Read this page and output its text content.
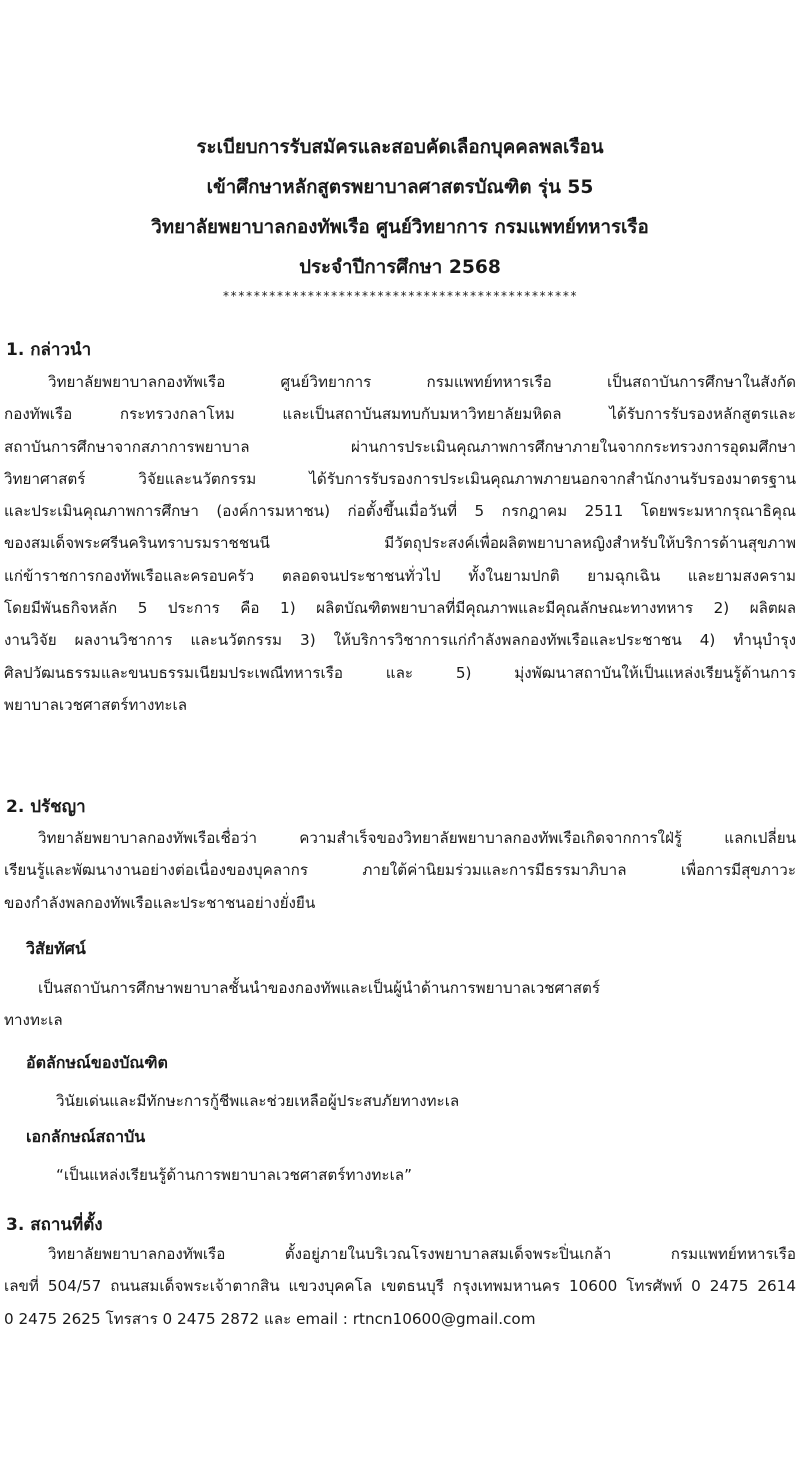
ระเบียบการรับสมัครและสอบคัดเลือกบุคคลพลเรือน

เข้าศึกษาหลักสูตรพยาบาลศาสตรบัณฑิต รุ่น 55

วิทยาลัยพยาบาลกองทัพเรือ ศูนย์วิทยาการ กรมแพทย์ทหารเรือ

ประจำปีการศึกษา 2568

**********************************************

1. กล่าวนำ

วิทยาลัยพยาบาลกองทัพเรือ ศูนย์วิทยาการ กรมแพทย์ทหารเรือ เป็นสถาบันการศึกษาในสังกัด
กองทัพเรือ กระทรวงกลาโหม และเป็นสถาบันสมทบกับมหาวิทยาลัยมหิดล ได้รับการรับรองหลักสูตรและ
สถาบันการศึกษาจากสภาการพยาบาล ผ่านการประเมินคุณภาพการศึกษาภายในจากกระทรวงการอุดมศึกษา
วิทยาศาสตร์ วิจัยและนวัตกรรม ได้รับการรับรองการประเมินคุณภาพภายนอกจากสำนักงานรับรองมาตรฐาน
และประเมินคุณภาพการศึกษา (องค์การมหาชน) ก่อตั้งขึ้นเมื่อวันที่ 5 กรกฎาคม 2511 โดยพระมหากรุณาธิคุณ
ของสมเด็จพระศรีนครินทราบรมราชชนนี มีวัตถุประสงค์เพื่อผลิตพยาบาลหญิงสำหรับให้บริการด้านสุขภาพ
แก่ข้าราชการกองทัพเรือและครอบครัว ตลอดจนประชาชนทั่วไป ทั้งในยามปกติ ยามฉุกเฉิน และยามสงคราม
โดยมีพันธกิจหลัก 5 ประการ คือ 1) ผลิตบัณฑิตพยาบาลที่มีคุณภาพและมีคุณลักษณะทางทหาร 2) ผลิตผล
งานวิจัย ผลงานวิชาการ และนวัตกรรม 3) ให้บริการวิชาการแก่กำลังพลกองทัพเรือและประชาชน 4) ทำนุบำรุง
ศิลปวัฒนธรรมและขนบธรรมเนียมประเพณีทหารเรือ และ 5) มุ่งพัฒนาสถาบันให้เป็นแหล่งเรียนรู้ด้านการ
พยาบาลเวชศาสตร์ทางทะเล

2. ปรัชญา

วิทยาลัยพยาบาลกองทัพเรือเชื่อว่า ความสำเร็จของวิทยาลัยพยาบาลกองทัพเรือเกิดจากการใฝ่รู้ แลกเปลี่ยน
เรียนรู้และพัฒนางานอย่างต่อเนื่องของบุคลากร ภายใต้ค่านิยมร่วมและการมีธรรมาภิบาล เพื่อการมีสุขภาวะ
ของกำลังพลกองทัพเรือและประชาชนอย่างยั่งยืน

วิสัยทัศน์

เป็นสถาบันการศึกษาพยาบาลชั้นนำของกองทัพและเป็นผู้นำด้านการพยาบาลเวชศาสตร์
ทางทะเล

อัตลักษณ์ของบัณฑิต

วินัยเด่นและมีทักษะการกู้ชีพและช่วยเหลือผู้ประสบภัยทางทะเล

เอกลักษณ์สถาบัน

“เป็นแหล่งเรียนรู้ด้านการพยาบาลเวชศาสตร์ทางทะเล”

3. สถานที่ตั้ง

วิทยาลัยพยาบาลกองทัพเรือ ตั้งอยู่ภายในบริเวณโรงพยาบาลสมเด็จพระปิ่นเกล้า กรมแพทย์ทหารเรือ
เลขที่ 504/57 ถนนสมเด็จพระเจ้าตากสิน แขวงบุคคโล เขตธนบุรี กรุงเทพมหานคร 10600 โทรศัพท์ 0 2475 2614
0 2475 2625 โทรสาร 0 2475 2872 และ email : rtncn10600@gmail.com
